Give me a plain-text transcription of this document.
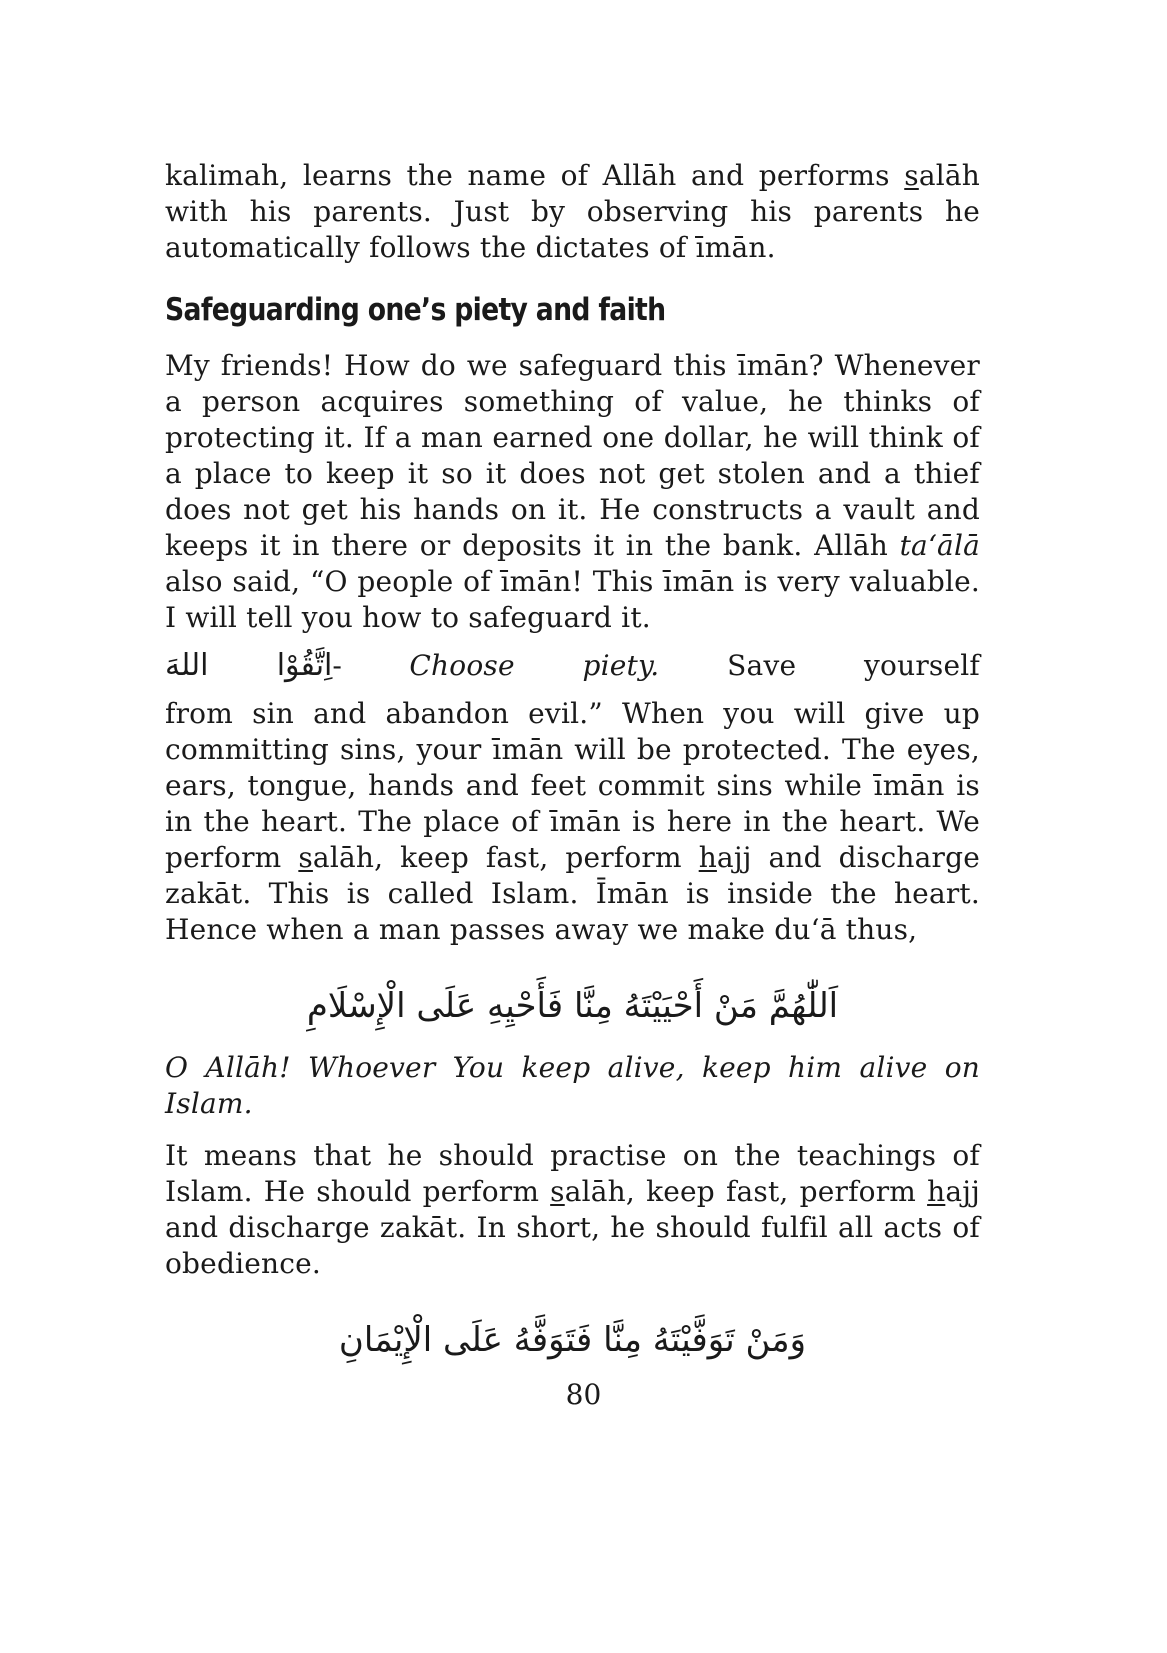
kalimah, learns the name of Allāh and performs salāh with his parents. Just by observing his parents he automatically follows the dictates of īmān.

Safeguarding one’s piety and faith

My friends! How do we safeguard this īmān? Whenever a person acquires something of value, he thinks of protecting it. If a man earned one dollar, he will think of a place to keep it so it does not get stolen and a thief does not get his hands on it. He constructs a vault and keeps it in there or deposits it in the bank. Allāh ta‘ālā also said, “O people of īmān! This īmān is very valuable. I will tell you how to safeguard it.

اِتَّقُوْا اللهَ- Choose piety. Save yourself

from sin and abandon evil.” When you will give up committing sins, your īmān will be protected. The eyes, ears, tongue, hands and feet commit sins while īmān is in the heart. The place of īmān is here in the heart. We perform salāh, keep fast, perform hajj and discharge zakāt. This is called Islam. Īmān is inside the heart. Hence when a man passes away we make du‘ā thus,

اَللّٰهُمَّ مَنْ أَحْيَيْتَهُ مِنَّا فَأَحْيِهِ عَلَى الْإِسْلَامِ

O Allāh! Whoever You keep alive, keep him alive on Islam.

It means that he should practise on the teachings of Islam. He should perform salāh, keep fast, perform hajj and discharge zakāt. In short, he should fulfil all acts of obedience.

وَمَنْ تَوَفَّيْتَهُ مِنَّا فَتَوَفَّهُ عَلَى الْإِيْمَانِ
80
